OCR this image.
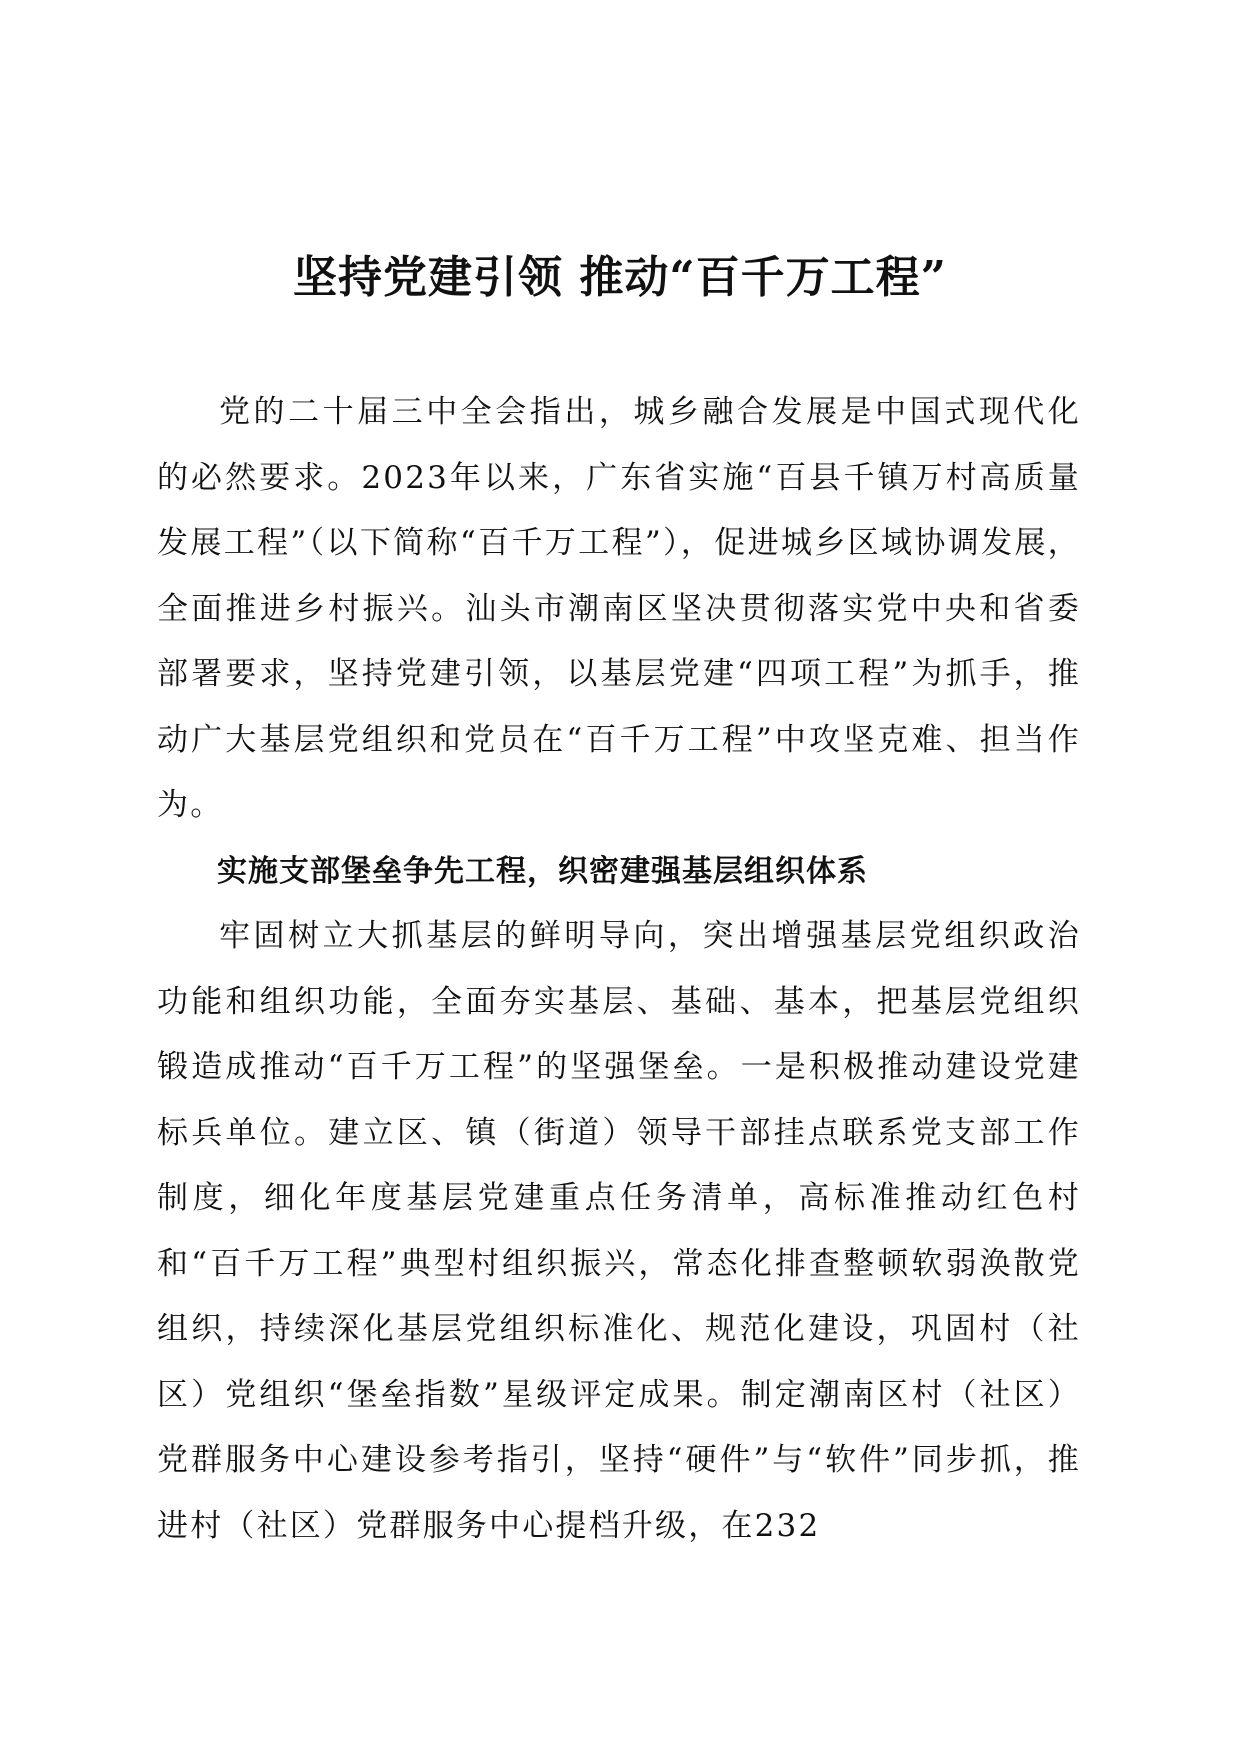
坚持党建引领 推动“百千万工程”

党的二十届三中全会指出，城乡融合发展是中国式现代化的必然要求。2023年以来，广东省实施“百县千镇万村高质量发展工程”（以下简称“百千万工程”），促进城乡区域协调发展，全面推进乡村振兴。汕头市潮南区坚决贯彻落实党中央和省委部署要求，坚持党建引领，以基层党建“四项工程”为抓手，推动广大基层党组织和党员在“百千万工程”中攻坚克难、担当作为。

实施支部堡垒争先工程，织密建强基层组织体系

牢固树立大抓基层的鲜明导向，突出增强基层党组织政治功能和组织功能，全面夯实基层、基础、基本，把基层党组织锻造成推动“百千万工程”的坚强堡垒。一是积极推动建设党建标兵单位。建立区、镇（街道）领导干部挂点联系党支部工作制度，细化年度基层党建重点任务清单，高标准推动红色村和“百千万工程”典型村组织振兴，常态化排查整顿软弱涣散党组织，持续深化基层党组织标准化、规范化建设，巩固村（社区）党组织“堡垒指数”星级评定成果。制定潮南区村（社区）党群服务中心建设参考指引，坚持“硬件”与“软件”同步抓，推进村（社区）党群服务中心提档升级，在232
